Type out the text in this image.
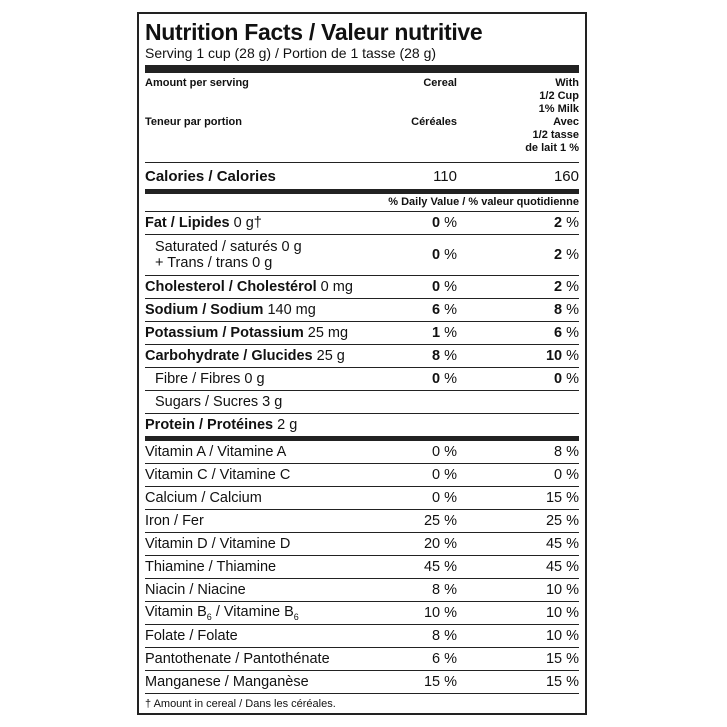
Nutrition Facts / Valeur nutritive
Serving 1 cup (28 g) / Portion de 1 tasse (28 g)
Amount per serving
Teneur par portion
Cereal
Céréales
With
1/2 Cup
1% Milk
Avec
1/2 tasse
de lait 1 %
Calories / Calories	110	160
% Daily Value / % valeur quotidienne
Fat / Lipides 0 g†	0 %	2 %
Saturated / saturés 0 g
+ Trans / trans 0 g	0 %	2 %
Cholesterol / Cholestérol 0 mg	0 %	2 %
Sodium / Sodium 140 mg	6 %	8 %
Potassium / Potassium 25 mg	1 %	6 %
Carbohydrate / Glucides 25 g	8 %	10 %
Fibre / Fibres 0 g	0 %	0 %
Sugars / Sucres 3 g
Protein / Protéines 2 g
Vitamin A / Vitamine A	0 %	8 %
Vitamin C / Vitamine C	0 %	0 %
Calcium / Calcium	0 %	15 %
Iron / Fer	25 %	25 %
Vitamin D / Vitamine D	20 %	45 %
Thiamine / Thiamine	45 %	45 %
Niacin / Niacine	8 %	10 %
Vitamin $B_6$ / Vitamine $B_6$	10 %	10 %
Folate / Folate	8 %	10 %
Pantothenate / Pantothénate	6 %	15 %
Manganese / Manganèse	15 %	15 %
† Amount in cereal / Dans les céréales.
